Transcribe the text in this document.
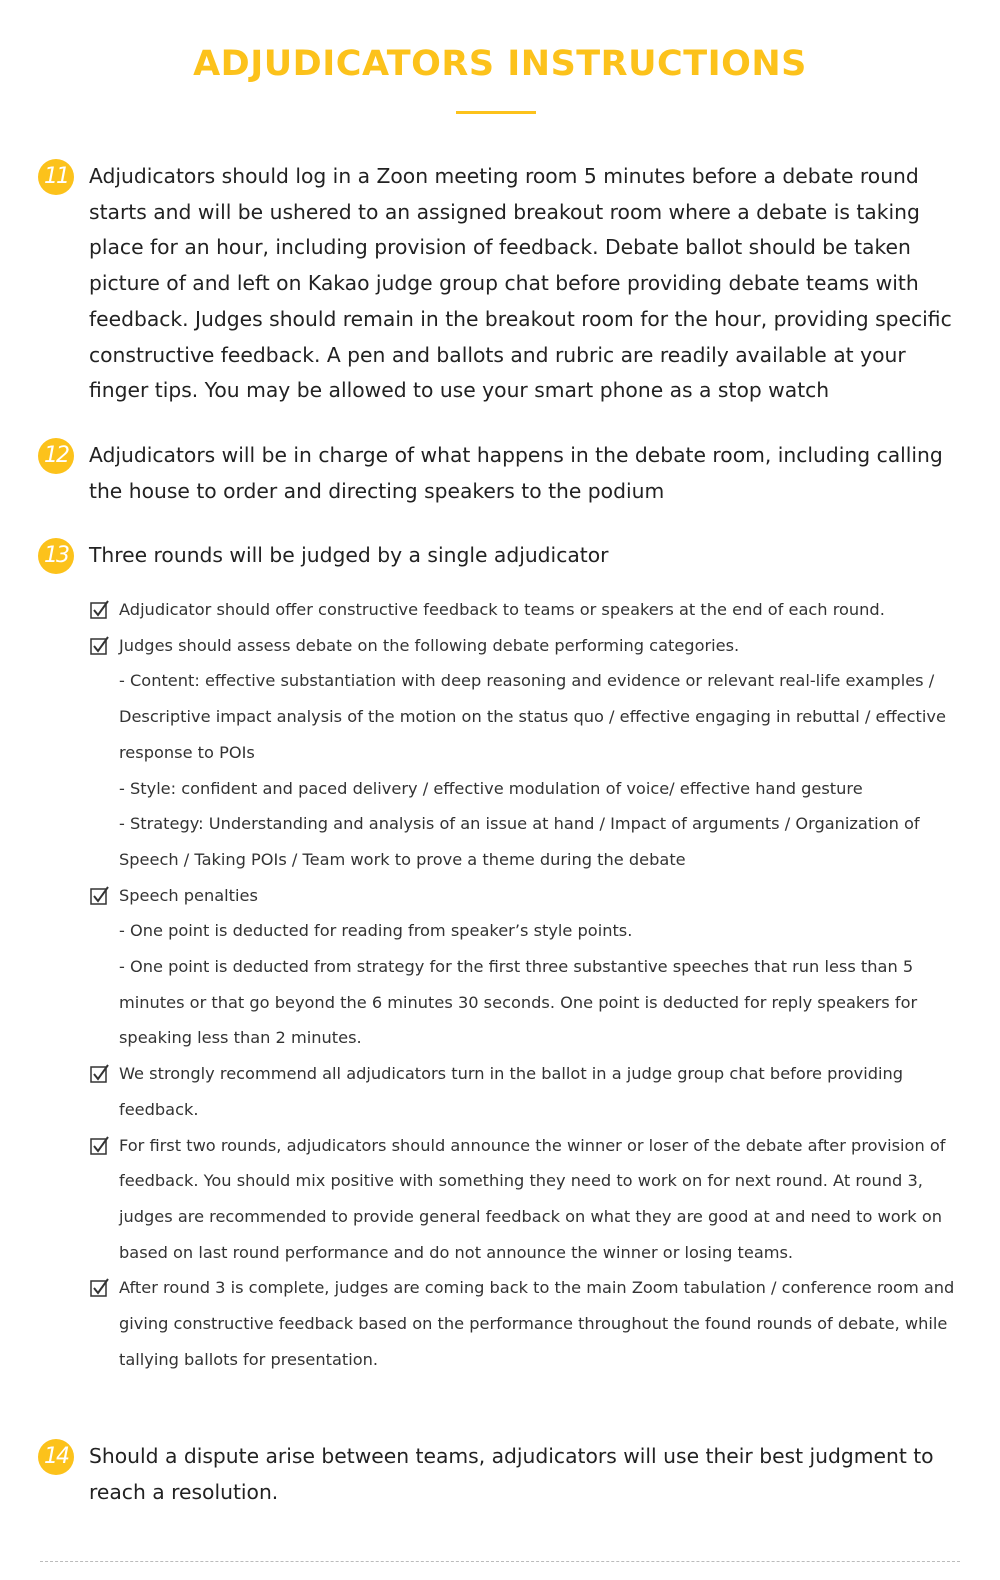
ADJUDICATORS INSTRUCTIONS
11 Adjudicators should log in a Zoon meeting room 5 minutes before a debate round starts and will be ushered to an assigned breakout room where a debate is taking place for an hour, including provision of feedback. Debate ballot should be taken picture of and left on Kakao judge group chat before providing debate teams with feedback. Judges should remain in the breakout room for the hour, providing specific constructive feedback. A pen and ballots and rubric are readily available at your finger tips. You may be allowed to use your smart phone as a stop watch

12 Adjudicators will be in charge of what happens in the debate room, including calling the house to order and directing speakers to the podium

13 Three rounds will be judged by a single adjudicator

Adjudicator should offer constructive feedback to teams or speakers at the end of each round.
Judges should assess debate on the following debate performing categories.
- Content: effective substantiation with deep reasoning and evidence or relevant real-life examples / Descriptive impact analysis of the motion on the status quo / effective engaging in rebuttal / effective response to POIs
- Style: confident and paced delivery / effective modulation of voice/ effective hand gesture
- Strategy: Understanding and analysis of an issue at hand / Impact of arguments / Organization of Speech / Taking POIs / Team work to prove a theme during the debate
Speech penalties
- One point is deducted for reading from speaker’s style points.
- One point is deducted from strategy for the first three substantive speeches that run less than 5 minutes or that go beyond the 6 minutes 30 seconds. One point is deducted for reply speakers for speaking less than 2 minutes.
We strongly recommend all adjudicators turn in the ballot in a judge group chat before providing feedback.
For first two rounds, adjudicators should announce the winner or loser of the debate after provision of feedback. You should mix positive with something they need to work on for next round. At round 3, judges are recommended to provide general feedback on what they are good at and need to work on based on last round performance and do not announce the winner or losing teams.
After round 3 is complete, judges are coming back to the main Zoom tabulation / conference room and giving constructive feedback based on the performance throughout the found rounds of debate, while tallying ballots for presentation.
14 Should a dispute arise between teams, adjudicators will use their best judgment to reach a resolution.
